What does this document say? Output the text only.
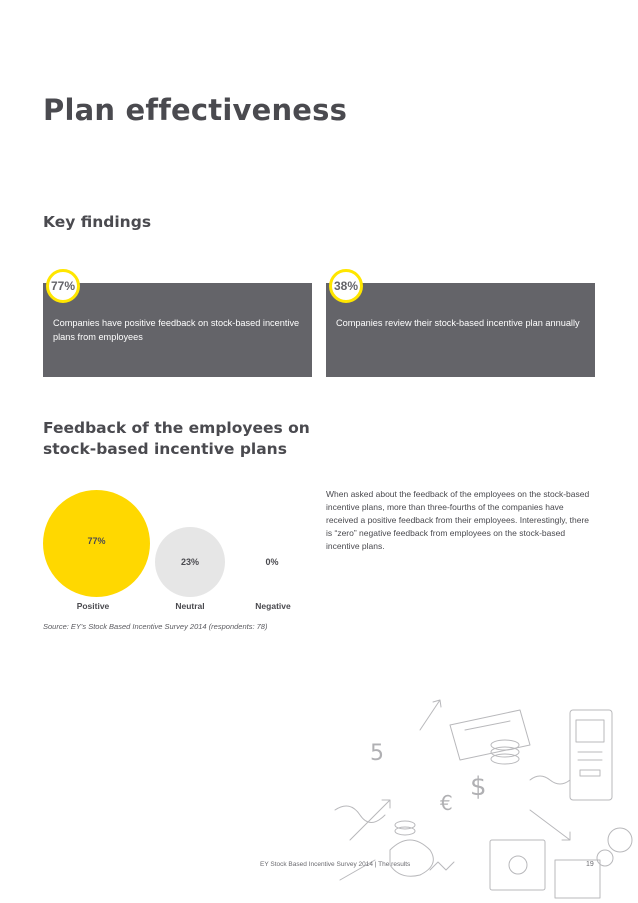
Plan effectiveness
Key findings
Companies have positive feedback on stock-based incentive plans from employees
77%
Companies review their stock-based incentive plan annually
38%
Feedback of the employees on
stock-based incentive plans
77%
23%	0%
Positive	Neutral	Negative

When asked about the feedback of the employees on the stock-based incentive plans, more than three-fourths of the companies have received a positive feedback from their employees. Interestingly, there is “zero” negative feedback from employees on the stock-based incentive plans.

Source: EY's Stock Based Incentive Survey 2014 (respondents: 78)

$
€
5
EY Stock Based Incentive Survey 2014 | The results	19
